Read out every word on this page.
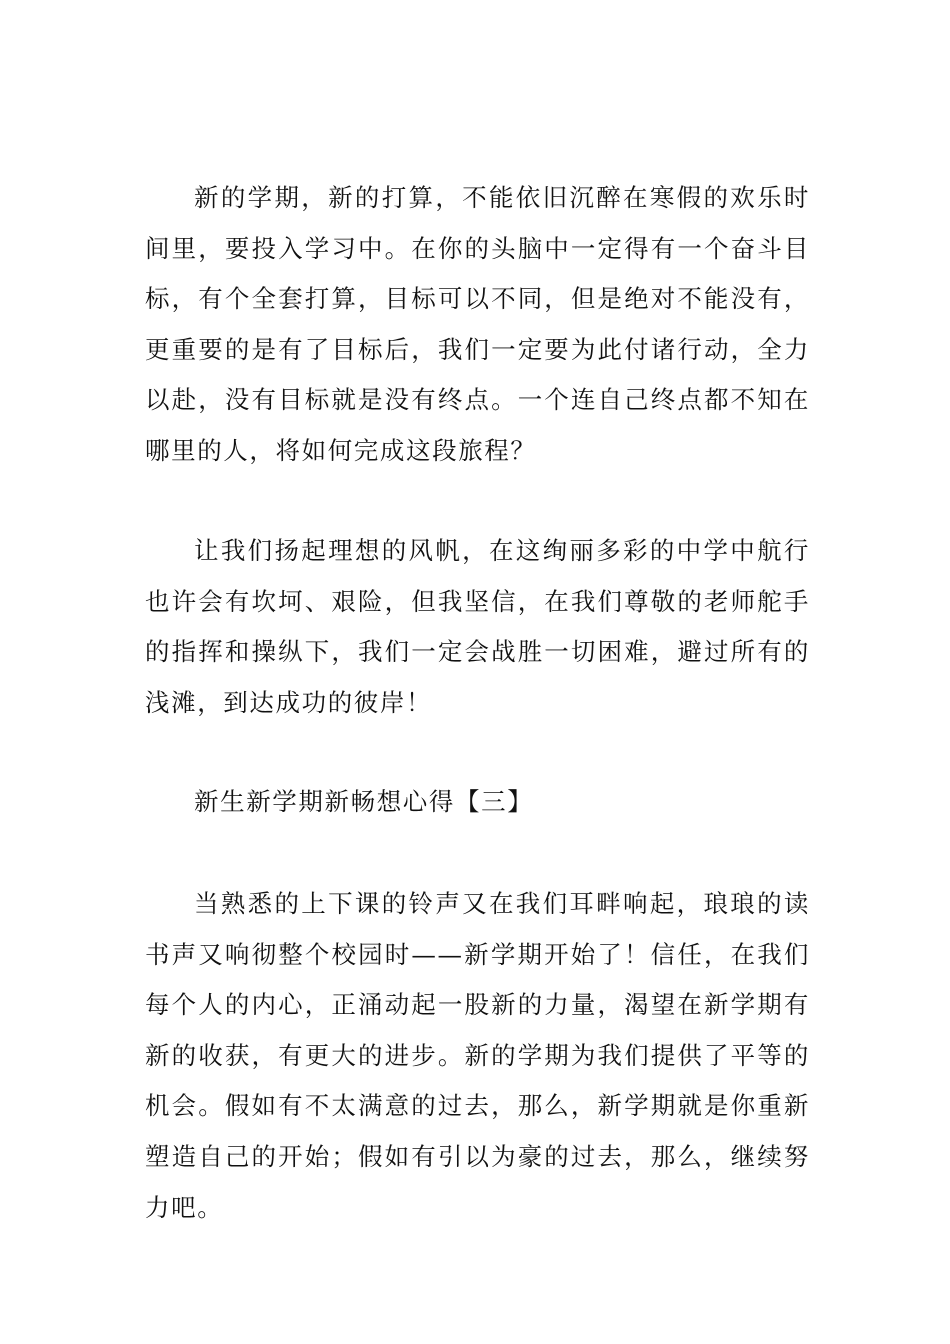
新的学期，新的打算，不能依旧沉醉在寒假的欢乐时间里，要投入学习中。在你的头脑中一定得有一个奋斗目标，有个全套打算，目标可以不同，但是绝对不能没有，更重要的是有了目标后，我们一定要为此付诸行动，全力以赴，没有目标就是没有终点。一个连自己终点都不知在哪里的人，将如何完成这段旅程？

让我们扬起理想的风帆，在这绚丽多彩的中学中航行也许会有坎坷、艰险，但我坚信，在我们尊敬的老师舵手的指挥和操纵下，我们一定会战胜一切困难，避过所有的浅滩，到达成功的彼岸！

新生新学期新畅想心得【三】

当熟悉的上下课的铃声又在我们耳畔响起，琅琅的读书声又响彻整个校园时——新学期开始了！信任，在我们每个人的内心，正涌动起一股新的力量，渴望在新学期有新的收获，有更大的进步。新的学期为我们提供了平等的机会。假如有不太满意的过去，那么，新学期就是你重新塑造自己的开始；假如有引以为豪的过去，那么，继续努力吧。
